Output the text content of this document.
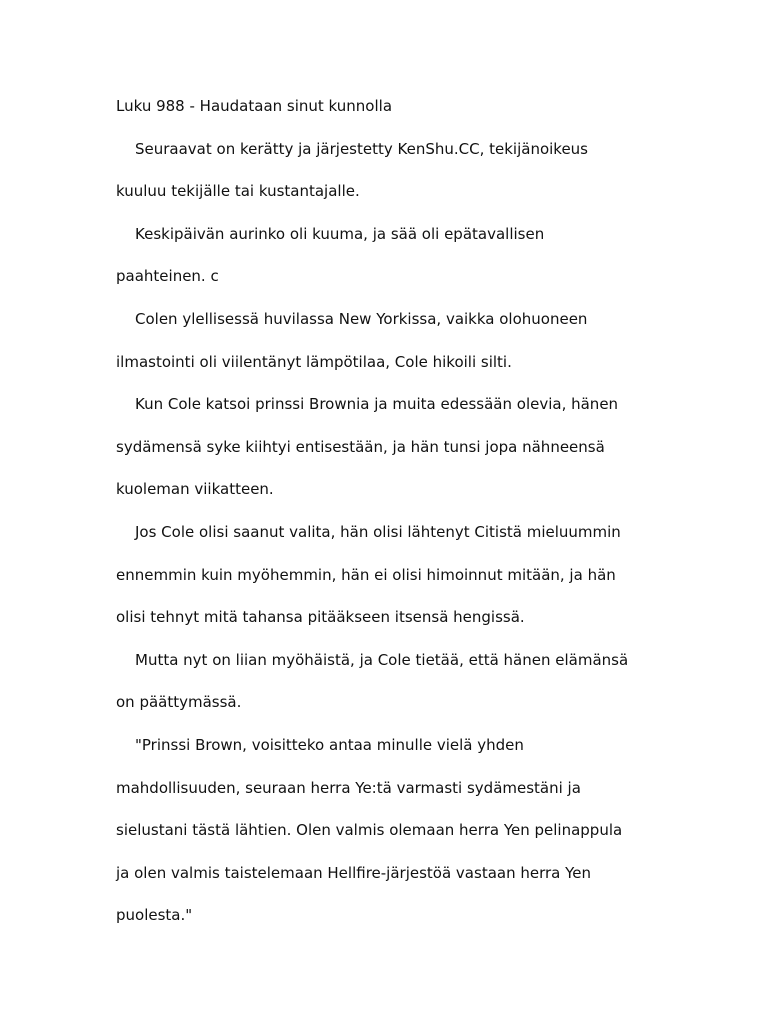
Luku 988 - Haudataan sinut kunnolla
Seuraavat on kerätty ja järjestetty KenShu.CC, tekijänoikeus
kuuluu tekijälle tai kustantajalle.
Keskipäivän aurinko oli kuuma, ja sää oli epätavallisen
paahteinen. c
Colen ylellisessä huvilassa New Yorkissa, vaikka olohuoneen
ilmastointi oli viilentänyt lämpötilaa, Cole hikoili silti.
Kun Cole katsoi prinssi Brownia ja muita edessään olevia, hänen
sydämensä syke kiihtyi entisestään, ja hän tunsi jopa nähneensä
kuoleman viikatteen.
Jos Cole olisi saanut valita, hän olisi lähtenyt Citistä mieluummin
ennemmin kuin myöhemmin, hän ei olisi himoinnut mitään, ja hän
olisi tehnyt mitä tahansa pitääkseen itsensä hengissä.
Mutta nyt on liian myöhäistä, ja Cole tietää, että hänen elämänsä
on päättymässä.
"Prinssi Brown, voisitteko antaa minulle vielä yhden
mahdollisuuden, seuraan herra Ye:tä varmasti sydämestäni ja
sielustani tästä lähtien. Olen valmis olemaan herra Yen pelinappula
ja olen valmis taistelemaan Hellfire-järjestöä vastaan herra Yen
puolesta."
